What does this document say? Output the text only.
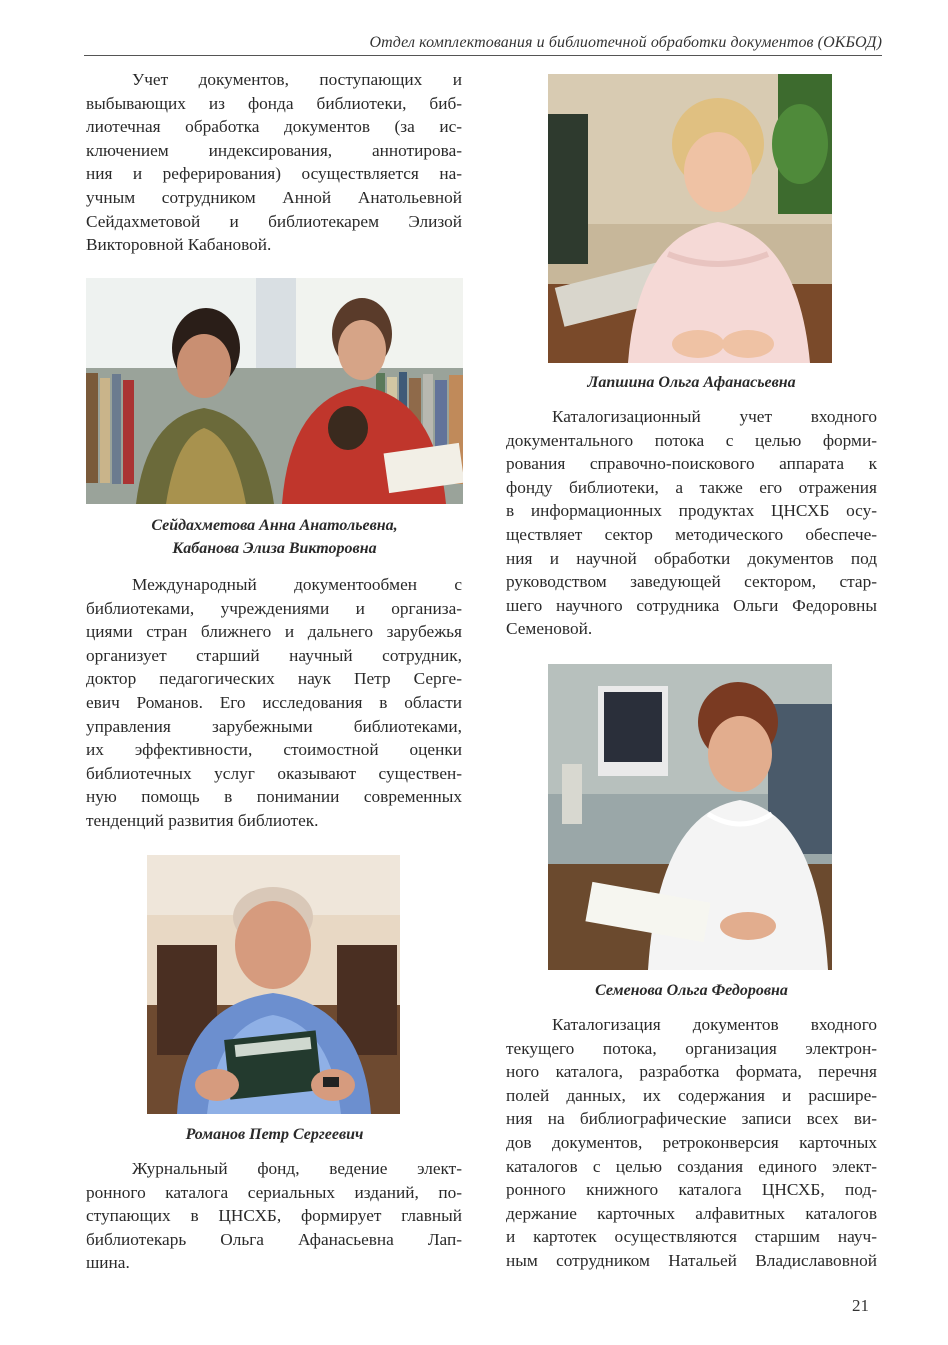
Отдел комплектования и библиотечной обработки документов (ОКБОД)
Учет документов, поступающих и
выбывающих из фонда библиотеки, биб-
лиотечная обработка документов (за ис-
ключением индексирования, аннотирова-
ния и реферирования) осуществляется на-
учным сотрудником Анной Анатольевной
Сейдахметовой и библиотекарем Элизой
Викторовной Кабановой.
Сейдахметова Анна Анатольевна,
Кабанова Элиза Викторовна
Международный документообмен с
библиотеками, учреждениями и организа-
циями стран ближнего и дальнего зарубежья
организует старший научный сотрудник,
доктор педагогических наук Петр Серге-
евич Романов. Его исследования в области
управления зарубежными библиотеками,
их эффективности, стоимостной оценки
библиотечных услуг оказывают существен-
ную помощь в понимании современных
тенденций развития библиотек.
Романов Петр Сергеевич
Журнальный фонд, ведение элект-
ронного каталога сериальных изданий, по-
ступающих в ЦНСХБ, формирует главный
библиотекарь Ольга Афанасьевна Лап-
шина.
Лапшина Ольга Афанасьевна
Каталогизационный учет входного
документального потока с целью форми-
рования справочно-поискового аппарата к
фонду библиотеки, а также его отражения
в информационных продуктах ЦНСХБ осу-
ществляет сектор методического обеспече-
ния и научной обработки документов под
руководством заведующей сектором, стар-
шего научного сотрудника Ольги Федоровны
Семеновой.
Семенова Ольга Федоровна
Каталогизация документов входного
текущего потока, организация электрон-
ного каталога, разработка формата, перечня
полей данных, их содержания и расшире-
ния на библиографические записи всех ви-
дов документов, ретроконверсия карточных
каталогов с целью создания единого элект-
ронного книжного каталога ЦНСХБ, под-
держание карточных алфавитных каталогов
и картотек осуществляются старшим науч-
ным сотрудником Натальей Владиславовной
21
